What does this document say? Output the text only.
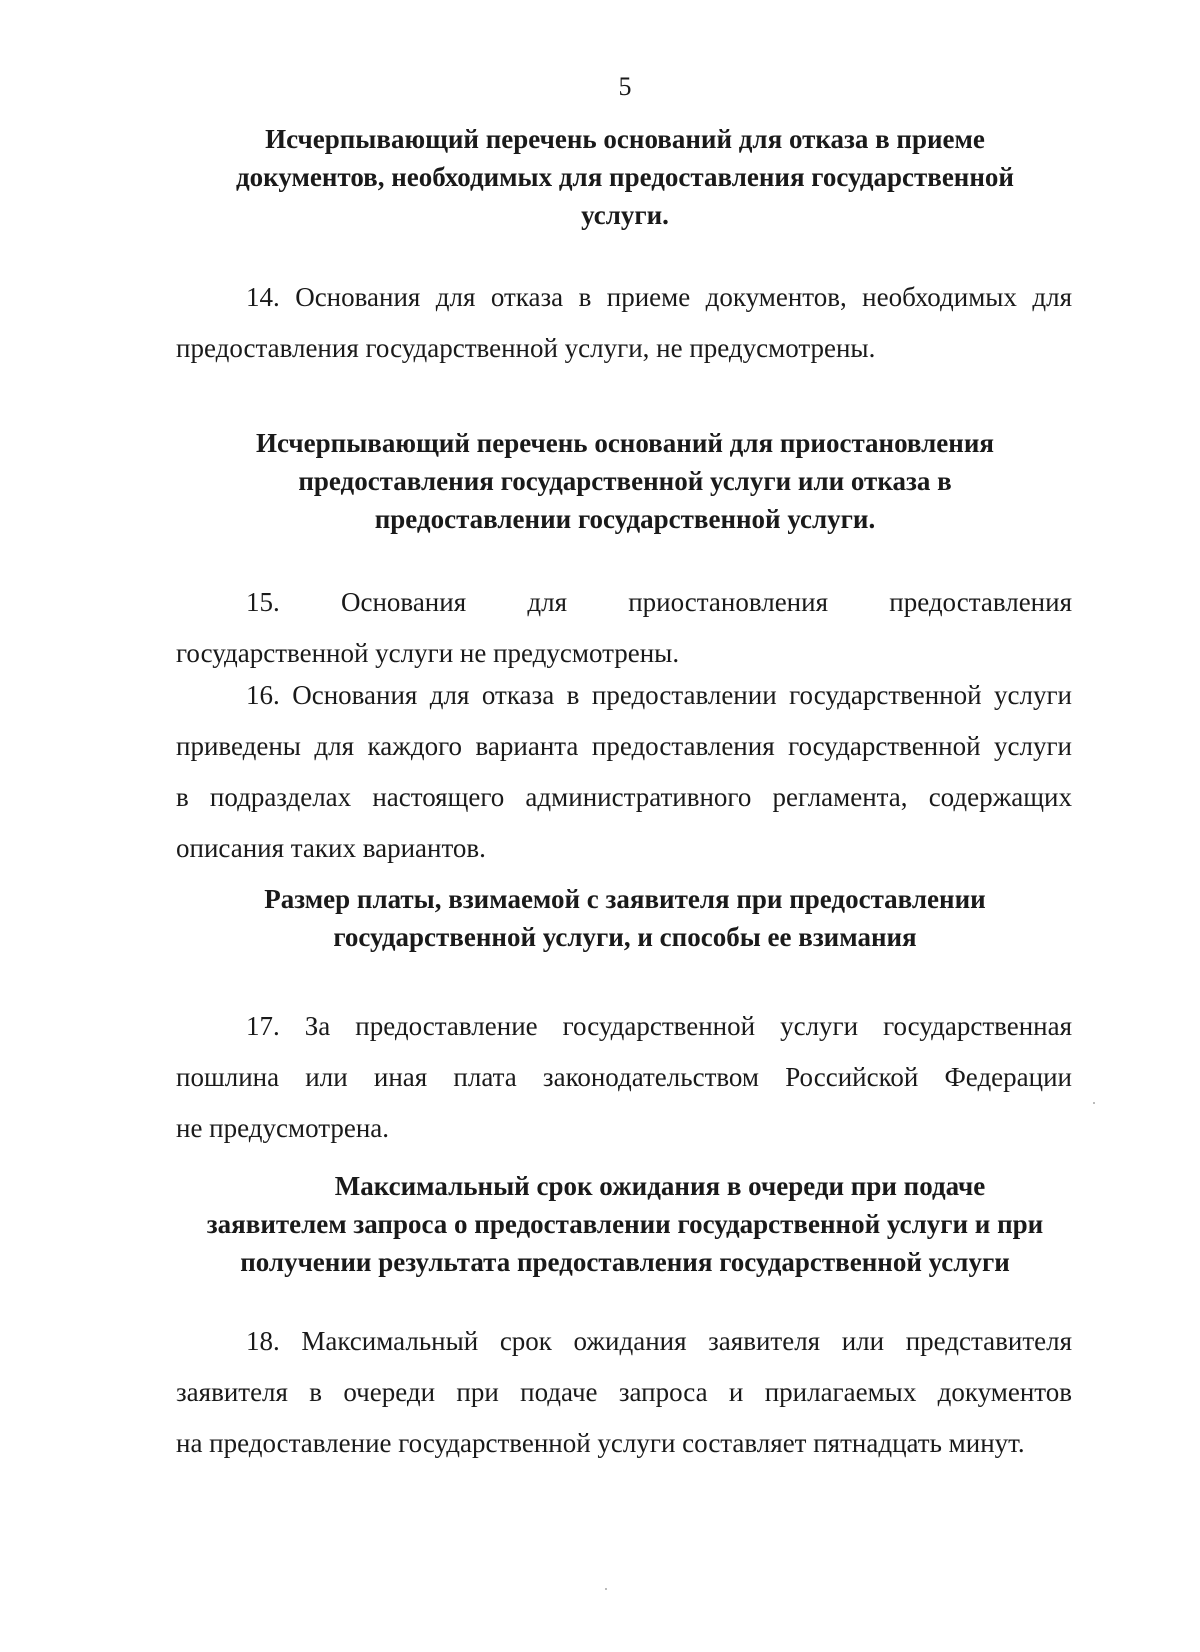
5
Исчерпывающий перечень оснований для отказа в приеме
документов, необходимых для предоставления государственной
услуги.
14. Основания для отказа в приеме документов, необходимых для
предоставления государственной услуги, не предусмотрены.
Исчерпывающий перечень оснований для приостановления
предоставления государственной услуги или отказа в
предоставлении государственной услуги.
15. Основания для приостановления предоставления
государственной услуги не предусмотрены.
16. Основания для отказа в предоставлении государственной услуги
приведены для каждого варианта предоставления государственной услуги
в подразделах настоящего административного регламента, содержащих
описания таких вариантов.
Размер платы, взимаемой с заявителя при предоставлении
государственной услуги, и способы ее взимания
17. За предоставление государственной услуги государственная
пошлина или иная плата законодательством Российской Федерации
не предусмотрена.
Максимальный срок ожидания в очереди при подаче
заявителем запроса о предоставлении государственной услуги и при
получении результата предоставления государственной услуги
18. Максимальный срок ожидания заявителя или представителя
заявителя в очереди при подаче запроса и прилагаемых документов
на предоставление государственной услуги составляет пятнадцать минут.
